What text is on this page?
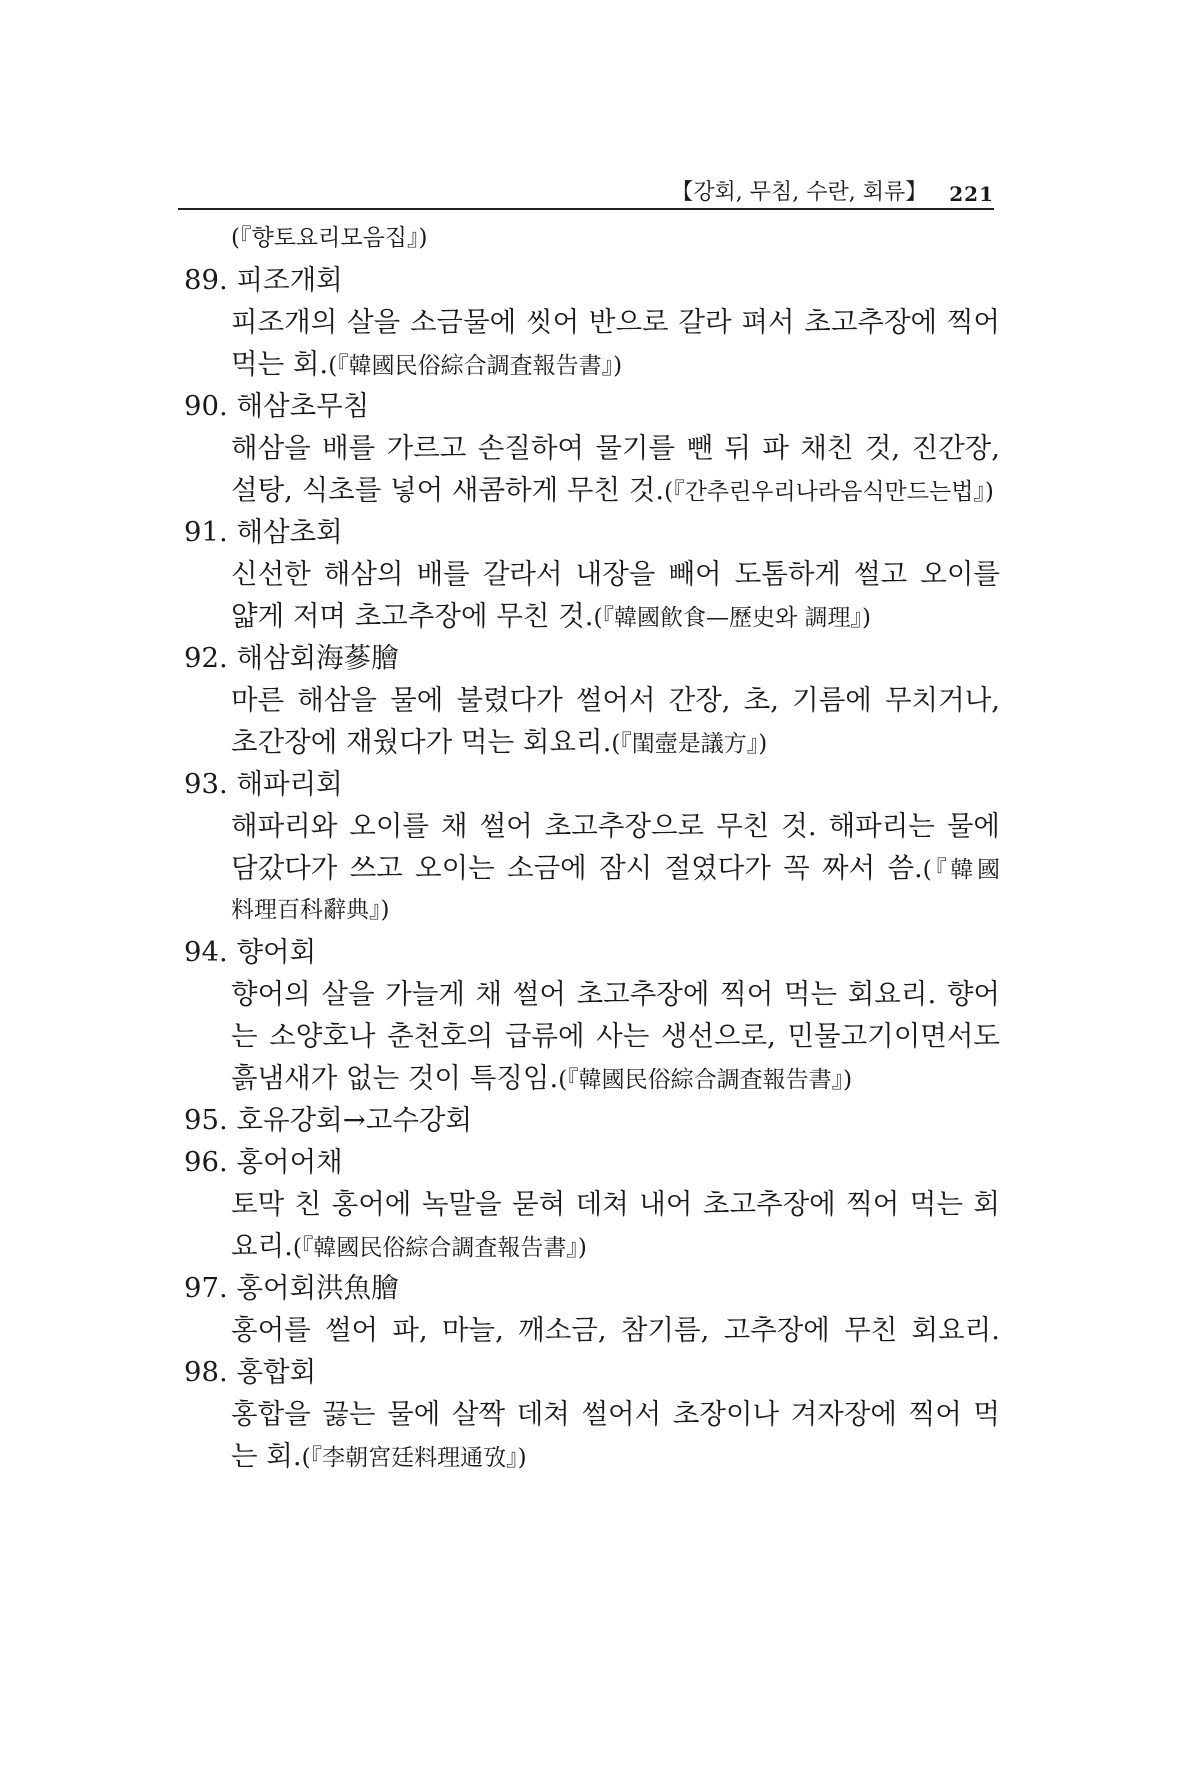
【강회, 무침, 수란, 회류】 221
(『향토요리모음집』)
89. 피조개회
피조개의 살을 소금물에 씻어 반으로 갈라 펴서 초고추장에 찍어
먹는 회.(『韓國民俗綜合調査報告書』)
90. 해삼초무침
해삼을 배를 가르고 손질하여 물기를 뺀 뒤 파 채친 것, 진간장,
설탕, 식초를 넣어 새콤하게 무친 것.(『간추린우리나라음식만드는법』)
91. 해삼초회
신선한 해삼의 배를 갈라서 내장을 빼어 도톰하게 썰고 오이를
얇게 저며 초고추장에 무친 것.(『韓國飮食—歷史와 調理』)
92. 해삼회海蔘膾
마른 해삼을 물에 불렸다가 썰어서 간장, 초, 기름에 무치거나,
초간장에 재웠다가 먹는 회요리.(『閨壼是議方』)
93. 해파리회
해파리와 오이를 채 썰어 초고추장으로 무친 것. 해파리는 물에
담갔다가 쓰고 오이는 소금에 잠시 절였다가 꼭 짜서 씀.(『韓國
料理百科辭典』)
94. 향어회
향어의 살을 가늘게 채 썰어 초고추장에 찍어 먹는 회요리. 향어
는 소양호나 춘천호의 급류에 사는 생선으로, 민물고기이면서도
흙냄새가 없는 것이 특징임.(『韓國民俗綜合調査報告書』)
95. 호유강회→고수강회
96. 홍어어채
토막 친 홍어에 녹말을 묻혀 데쳐 내어 초고추장에 찍어 먹는 회
요리.(『韓國民俗綜合調査報告書』)
97. 홍어회洪魚膾
홍어를 썰어 파, 마늘, 깨소금, 참기름, 고추장에 무친 회요리.
98. 홍합회
홍합을 끓는 물에 살짝 데쳐 썰어서 초장이나 겨자장에 찍어 먹
는 회.(『李朝宮廷料理通攷』)
